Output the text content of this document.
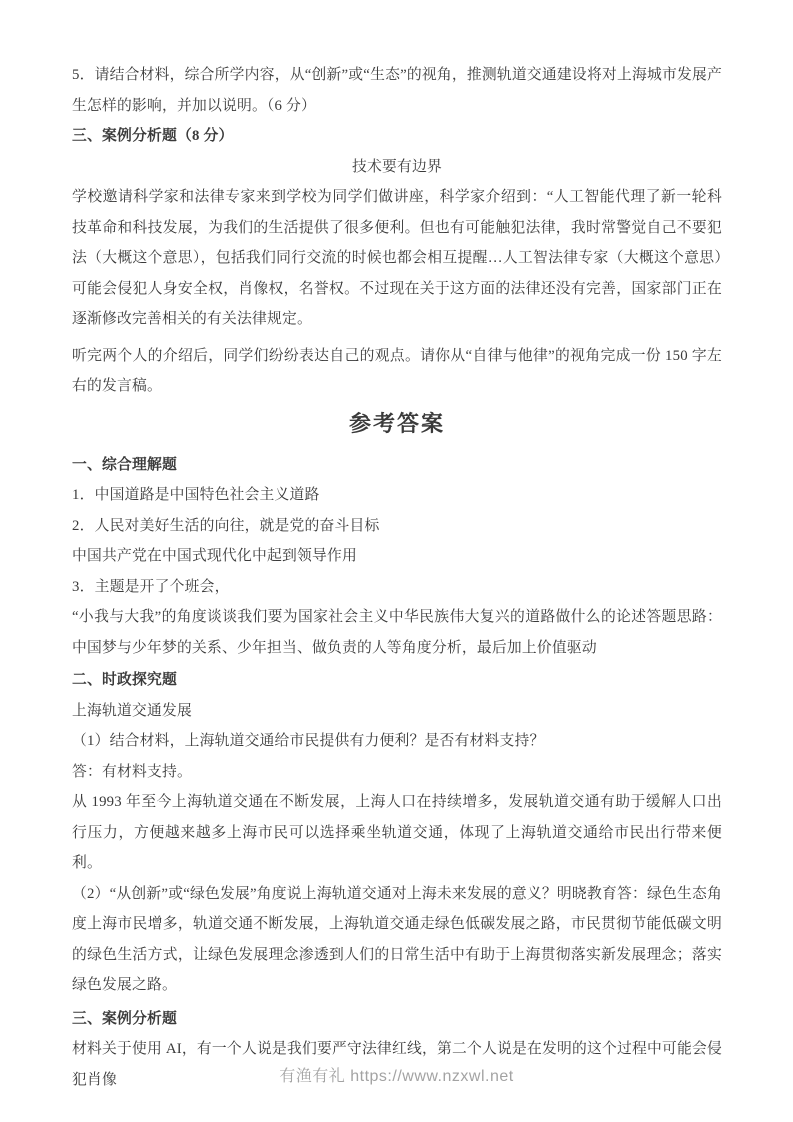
5．请结合材料，综合所学内容，从“创新”或“生态”的视角，推测轨道交通建设将对上海城市发展产生怎样的影响，并加以说明。（6 分）

三、案例分析题（8 分）

技术要有边界

学校邀请科学家和法律专家来到学校为同学们做讲座，科学家介绍到：“人工智能代理了新一轮科技革命和科技发展，为我们的生活提供了很多便利。但也有可能触犯法律，我时常警觉自己不要犯法（大概这个意思），包括我们同行交流的时候也都会相互提醒…人工智法律专家（大概这个意思）可能会侵犯人身安全权，肖像权，名誉权。不过现在关于这方面的法律还没有完善，国家部门正在逐渐修改完善相关的有关法律规定。

听完两个人的介绍后，同学们纷纷表达自己的观点。请你从“自律与他律”的视角完成一份 150 字左右的发言稿。

参考答案

一、综合理解题

1．中国道路是中国特色社会主义道路

2．人民对美好生活的向往，就是党的奋斗目标

中国共产党在中国式现代化中起到领导作用

3．主题是开了个班会，

“小我与大我”的角度谈谈我们要为国家社会主义中华民族伟大复兴的道路做什么的论述答题思路：中国梦与少年梦的关系、少年担当、做负责的人等角度分析，最后加上价值驱动

二、时政探究题

上海轨道交通发展

（1）结合材料，上海轨道交通给市民提供有力便利？是否有材料支持？

答：有材料支持。

从 1993 年至今上海轨道交通在不断发展，上海人口在持续增多，发展轨道交通有助于缓解人口出行压力，方便越来越多上海市民可以选择乘坐轨道交通，体现了上海轨道交通给市民出行带来便利。

（2）“从创新”或“绿色发展”角度说上海轨道交通对上海未来发展的意义？明晓教育答：绿色生态角度上海市民增多，轨道交通不断发展，上海轨道交通走绿色低碳发展之路，市民贯彻节能低碳文明的绿色生活方式，让绿色发展理念渗透到人们的日常生活中有助于上海贯彻落实新发展理念；落实绿色发展之路。

三、案例分析题

材料关于使用 AI，有一个人说是我们要严守法律红线，第二个人说是在发明的这个过程中可能会侵犯肖像	有渔有礼 https://www.nzxwl.net
